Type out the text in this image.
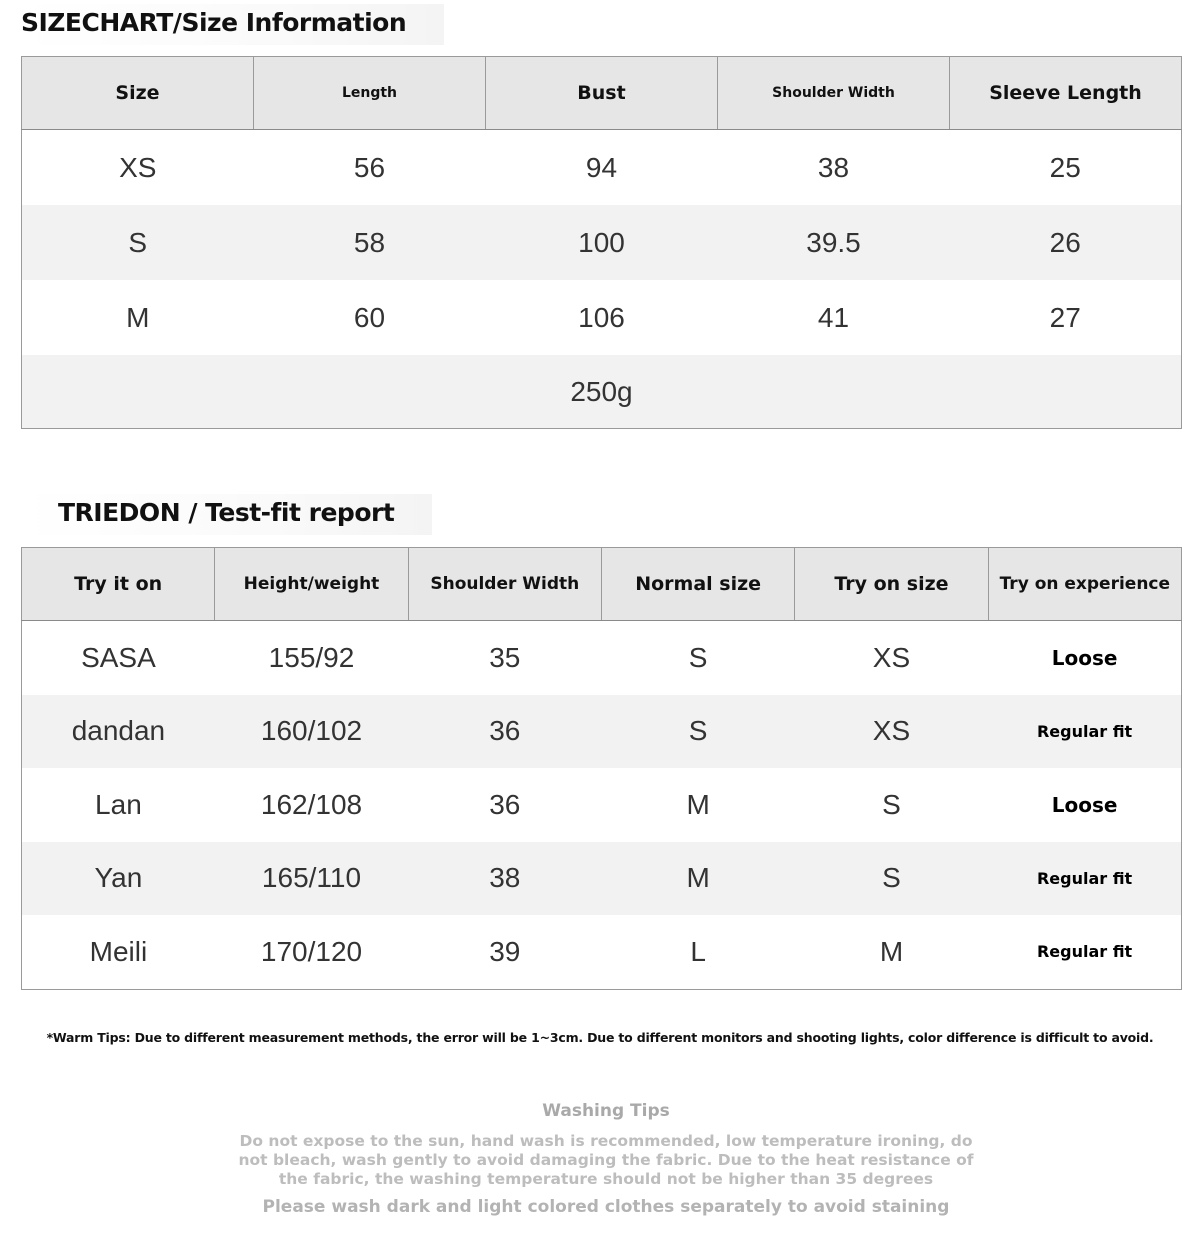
SIZECHART/Size Information
Size	Length	Bust	Shoulder Width	Sleeve Length
XS	56	94	38	25
S	58	100	39.5	26
M	60	106	41	27
250g				
TRIEDON / Test-fit report
Try it on	Height/weight	Shoulder Width	Normal size	Try on size	Try on experience
SASA	155/92	35	S	XS	Loose
dandan	160/102	36	S	XS	Regular fit
Lan	162/108	36	M	S	Loose
Yan	165/110	38	M	S	Regular fit
Meili	170/120	39	L	M	Regular fit
*Warm Tips: Due to different measurement methods, the error will be 1~3cm. Due to different monitors and shooting lights, color difference is difficult to avoid.
Washing Tips
Do not expose to the sun, hand wash is recommended, low temperature ironing, do not bleach, wash gently to avoid damaging the fabric. Due to the heat resistance of the fabric, the washing temperature should not be higher than 35 degrees
Please wash dark and light colored clothes separately to avoid staining
